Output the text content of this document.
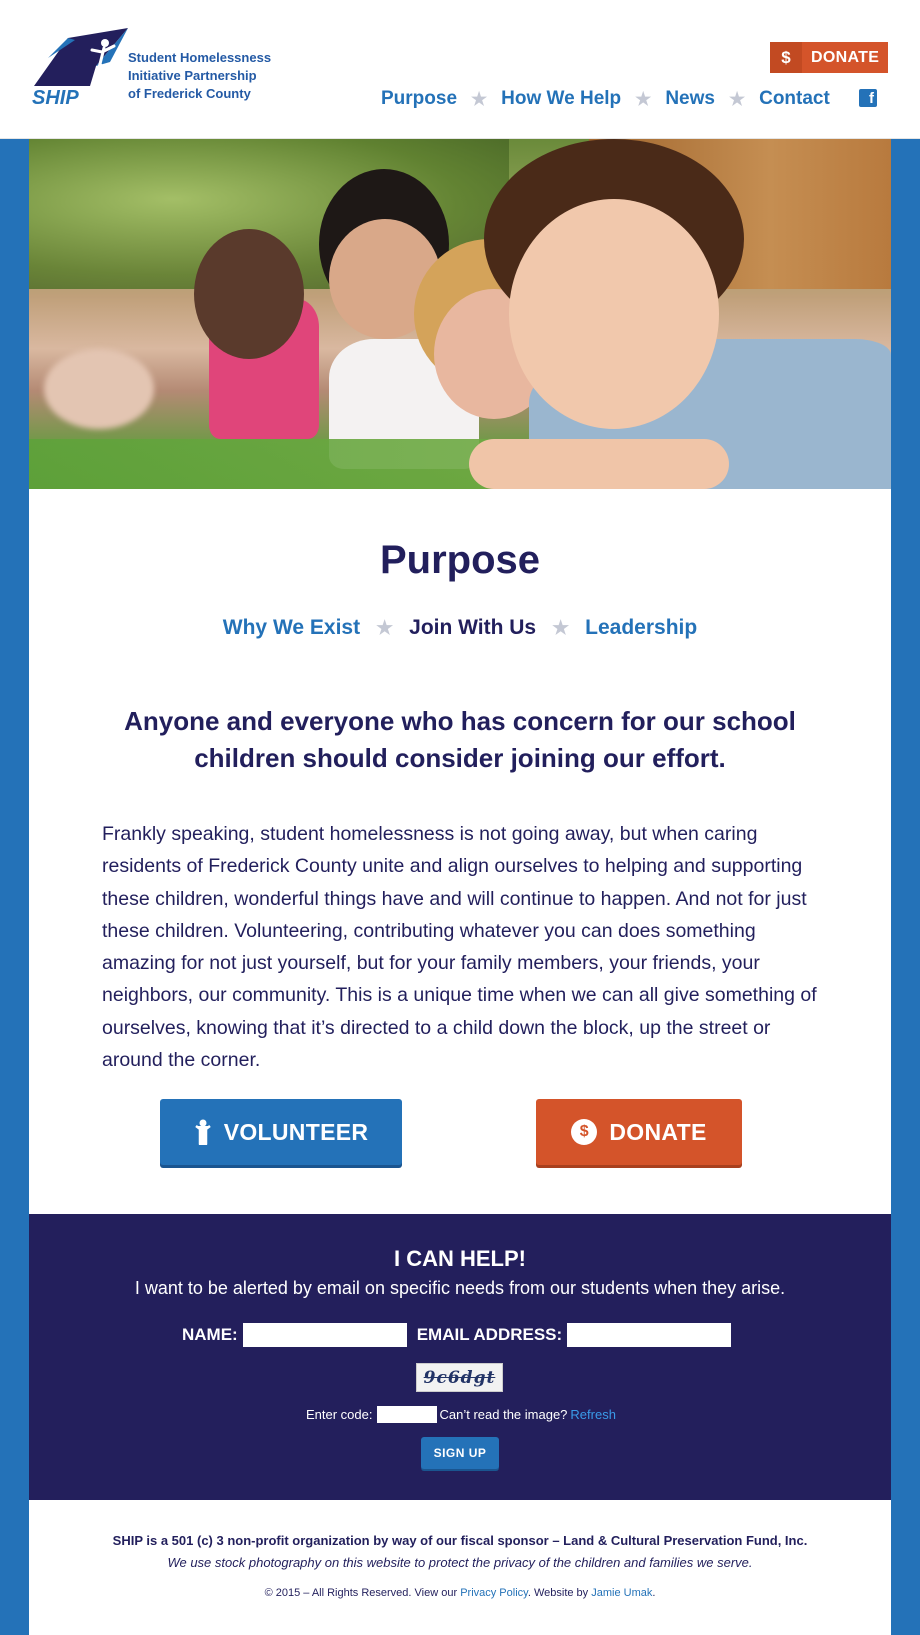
SHIP
Student Homelessness
Initiative Partnership
of Frederick County
$	DONATE
Purpose ★ How We Help ★ News ★ Contact	f
Purpose
Why We Exist ★ Join With Us ★ Leadership
Anyone and everyone who has concern for our school children should consider joining our effort.
Frankly speaking, student homelessness is not going away, but when caring residents of Frederick County unite and align ourselves to helping and supporting these children, wonderful things have and will continue to happen. And not for just these children. Volunteering, contributing whatever you can does something amazing for not just yourself, but for your family members, your friends, your neighbors, our community. This is a unique time when we can all give something of ourselves, knowing that it’s directed to a child down the block, up the street or around the corner.
VOLUNTEER	$ DONATE
I CAN HELP!
I want to be alerted by email on specific needs from our students when they arise.
NAME:	EMAIL ADDRESS:
9c6dgt
Enter code:	Can’t read the image? Refresh
SIGN UP
SHIP is a 501 (c) 3 non-profit organization by way of our fiscal sponsor – Land & Cultural Preservation Fund, Inc.
We use stock photography on this website to protect the privacy of the children and families we serve.
© 2015 – All Rights Reserved. View our Privacy Policy. Website by Jamie Umak.
